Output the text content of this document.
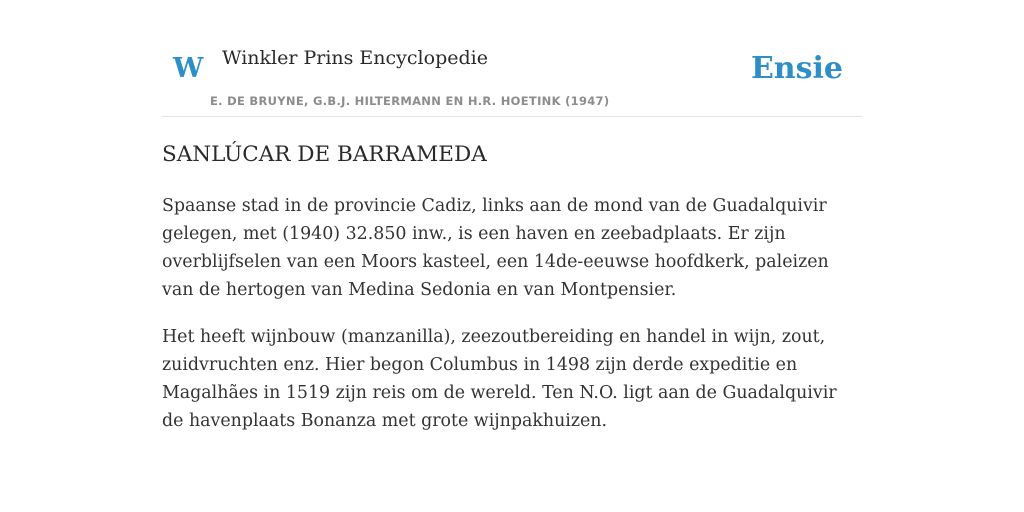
W Winkler Prins Encyclopedie
E. DE BRUYNE, G.B.J. HILTERMANN EN H.R. HOETINK (1947)
Ensie
SANLÚCAR DE BARRAMEDA

Spaanse stad in de provincie Cadiz, links aan de mond van de Guadalquivir gelegen, met (1940) 32.850 inw., is een haven en zeebadplaats. Er zijn overblijfselen van een Moors kasteel, een 14de-eeuwse hoofdkerk, paleizen van de hertogen van Medina Sedonia en van Montpensier.

Het heeft wijnbouw (manzanilla), zeezoutbereiding en handel in wijn, zout, zuidvruchten enz. Hier begon Columbus in 1498 zijn derde expeditie en Magalhães in 1519 zijn reis om de wereld. Ten N.O. ligt aan de Guadalquivir de havenplaats Bonanza met grote wijnpakhuizen.
